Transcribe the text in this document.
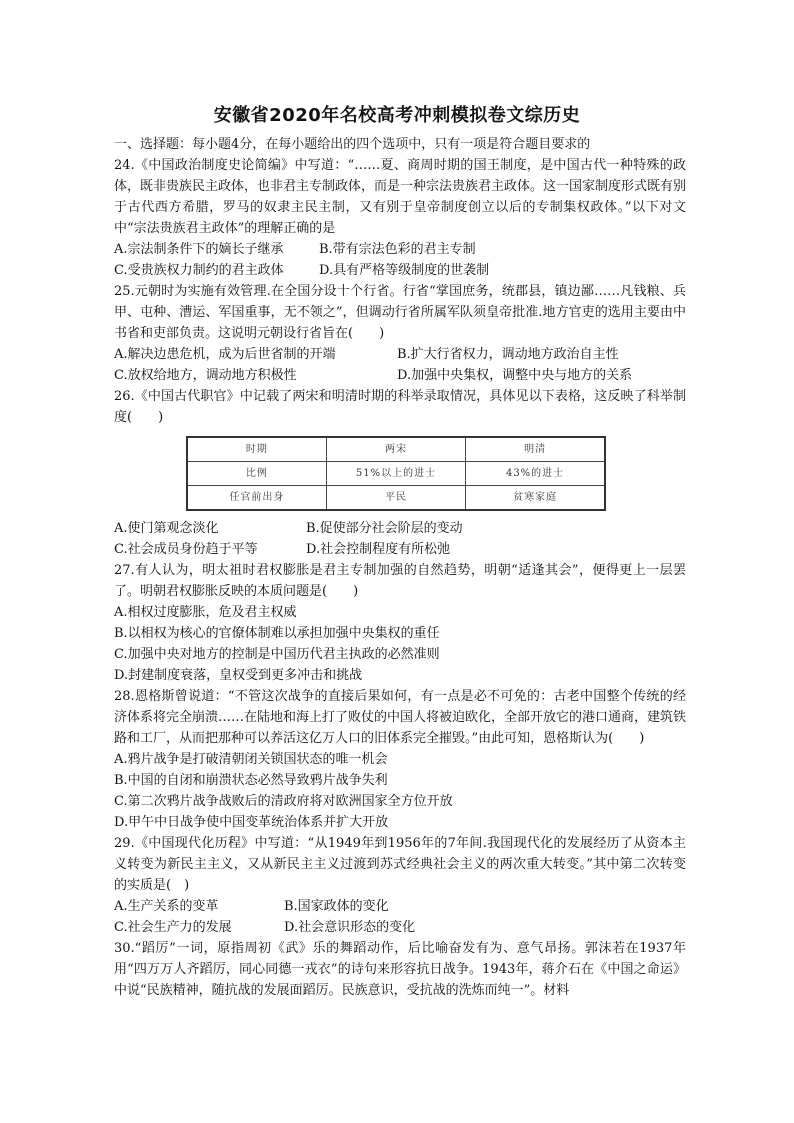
安徽省2020年名校高考冲刺模拟卷文综历史

一、选择题：每小题4分，在每小题给出的四个选项中，只有一项是符合题目要求的

24.《中国政治制度史论简编》中写道：“……夏、商周时期的国王制度，是中国古代一种特殊的政体，既非贵族民主政体，也非君主专制政体，而是一种宗法贵族君主政体。这一国家制度形式既有别于古代西方希腊，罗马的奴隶主民主制，又有别于皇帝制度创立以后的专制集权政体。”以下对文中“宗法贵族君主政体”的理解正确的是

A.宗法制条件下的嫡长子继承	B.带有宗法色彩的君主专制
C.受贵族权力制约的君主政体	D.具有严格等级制度的世袭制

25.元朝时为实施有效管理.在全国分设十个行省。行省“掌国庶务，统郡县，镇边鄙……凡钱粮、兵甲、屯种、漕运、军国重事，无不领之”，但调动行省所属军队须皇帝批准.地方官吏的选用主要由中书省和吏部负责。这说明元朝设行省旨在(　　)

A.解决边患危机，成为后世省制的开端	B.扩大行省权力，调动地方政治自主性
C.放权给地方，调动地方积极性	D.加强中央集权，调整中央与地方的关系

26.《中国古代职官》中记载了两宋和明清时期的科举录取情况，具体见以下表格，这反映了科举制度(　　)

时期	两宋	明清
比例	51%以上的进士	43%的进士
任官前出身	平民	贫寒家庭
A.使门第观念淡化	B.促使部分社会阶层的变动
C.社会成员身份趋于平等	D.社会控制程度有所松弛

27.有人认为，明太祖时君权膨胀是君主专制加强的自然趋势，明朝“适逢其会”，便得更上一层罢了。明朝君权膨胀反映的本质问题是(　　)

A.相权过度膨胀，危及君主权威

B.以相权为核心的官僚体制难以承担加强中央集权的重任

C.加强中央对地方的控制是中国历代君主执政的必然准则

D.封建制度衰落，皇权受到更多冲击和挑战

28.恩格斯曾说道：“不管这次战争的直接后果如何，有一点是必不可免的：古老中国整个传统的经济体系将完全崩溃……在陆地和海上打了败仗的中国人将被迫欧化，全部开放它的港口通商，建筑铁路和工厂，从而把那种可以养活这亿万人口的旧体系完全摧毁。”由此可知，恩格斯认为(　　)

A.鸦片战争是打破清朝闭关锁国状态的唯一机会

B.中国的自闭和崩溃状态必然导致鸦片战争失利

C.第二次鸦片战争战败后的清政府将对欧洲国家全方位开放

D.甲午中日战争使中国变革统治体系并扩大开放

29.《中国现代化历程》中写道：“从1949年到1956年的7年间.我国现代化的发展经历了从资本主义转变为新民主主义，又从新民主主义过渡到苏式经典社会主义的两次重大转变。”其中第二次转变的实质是(　)

A.生产关系的变革	B.国家政体的变化
C.社会生产力的发展	D.社会意识形态的变化

30.“蹈厉”一词，原指周初《武》乐的舞蹈动作，后比喻奋发有为、意气昂扬。郭沫若在1937年用“四万万人齐蹈厉，同心同德一戎衣”的诗句来形容抗日战争。1943年，蒋介石在《中国之命运》中说“民族精神，随抗战的发展面蹈厉。民族意识，受抗战的洗炼而纯一”。材料
